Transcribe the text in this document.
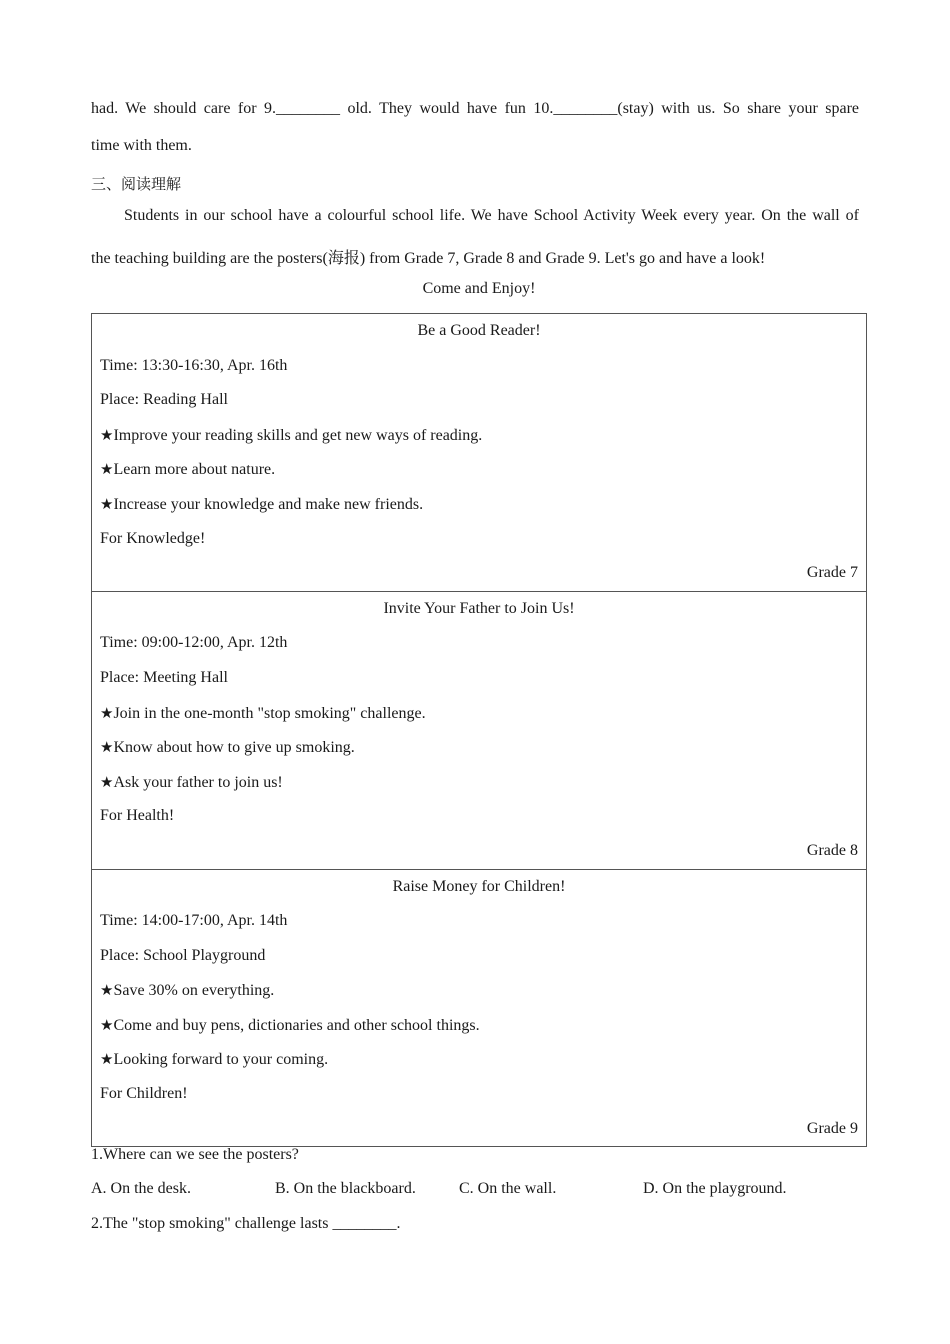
had. We should care for 9.________ old. They would have fun 10.________(stay) with us. So share your spare
time with them.
三、阅读理解
Students in our school have a colourful school life. We have School Activity Week every year. On the wall of
the teaching building are the posters(海报) from Grade 7, Grade 8 and Grade 9. Let's go and have a look!
Come and Enjoy!
Be a Good Reader!
Time: 13:30-16:30, Apr. 16th
Place: Reading Hall
★Improve your reading skills and get new ways of reading.
★Learn more about nature.
★Increase your knowledge and make new friends.
For Knowledge!
Grade 7

Invite Your Father to Join Us!
Time: 09:00-12:00, Apr. 12th
Place: Meeting Hall
★Join in the one-month "stop smoking" challenge.
★Know about how to give up smoking.
★Ask your father to join us!
For Health!
Grade 8

Raise Money for Children!
Time: 14:00-17:00, Apr. 14th
Place: School Playground
★Save 30% on everything.
★Come and buy pens, dictionaries and other school things.
★Looking forward to your coming.
For Children!
Grade 9
1.Where can we see the posters?
A. On the desk.	B. On the blackboard.	C. On the wall.	D. On the playground.
2.The "stop smoking" challenge lasts ________.
